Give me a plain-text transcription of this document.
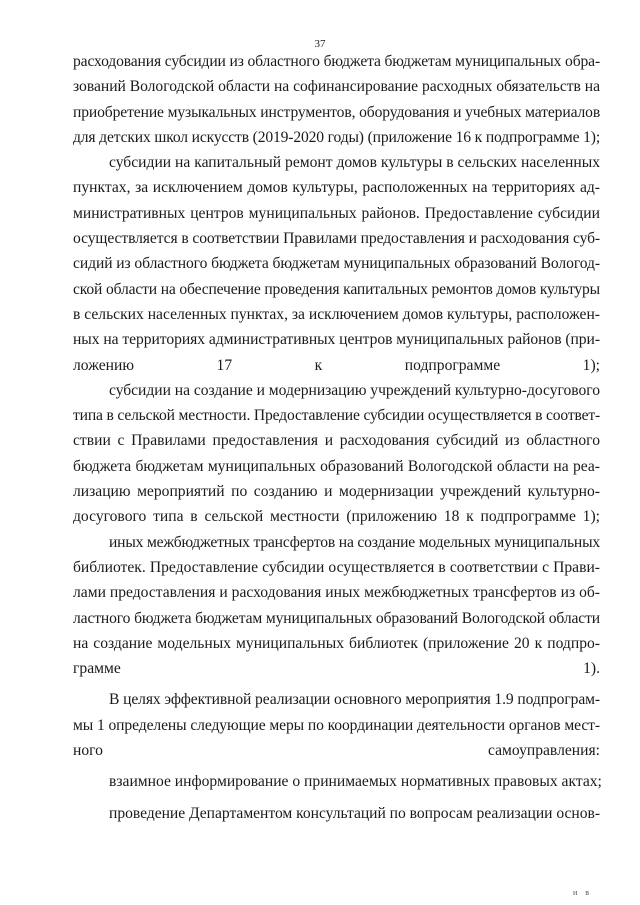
37
расходования субсидии из областного бюджета бюджетам муниципальных обра-
зований Вологодской области на софинансирование расходных обязательств на
приобретение музыкальных инструментов, оборудования и учебных материалов
для детских школ искусств (2019-2020 годы) (приложение 16 к подпрограмме 1);
субсидии на капитальный ремонт домов культуры в сельских населенных
пунктах, за исключением домов культуры, расположенных на территориях ад-
министративных центров муниципальных районов. Предоставление субсидии
осуществляется в соответствии Правилами предоставления и расходования суб-
сидий из областного бюджета бюджетам муниципальных образований Вологод-
ской области на обеспечение проведения капитальных ремонтов домов культуры
в сельских населенных пунктах, за исключением домов культуры, расположен-
ных на территориях административных центров муниципальных районов (при-
ложению 17 к подпрограмме 1);
субсидии на создание и модернизацию учреждений культурно-досугового
типа в сельской местности. Предоставление субсидии осуществляется в соответ-
ствии с Правилами предоставления и расходования субсидий из областного
бюджета бюджетам муниципальных образований Вологодской области на реа-
лизацию мероприятий по созданию и модернизации учреждений культурно-
досугового типа в сельской местности (приложению 18 к подпрограмме 1);
иных межбюджетных трансфертов на создание модельных муниципальных
библиотек. Предоставление субсидии осуществляется в соответствии с Прави-
лами предоставления и расходования иных межбюджетных трансфертов из об-
ластного бюджета бюджетам муниципальных образований Вологодской области
на создание модельных муниципальных библиотек (приложение 20 к подпро-
грамме 1).
В целях эффективной реализации основного мероприятия 1.9 подпрограм-
мы 1 определены следующие меры по координации деятельности органов мест-
ного самоуправления:
взаимное информирование о принимаемых нормативных правовых актах;
проведение Департаментом консультаций по вопросам реализации основ-
и в
